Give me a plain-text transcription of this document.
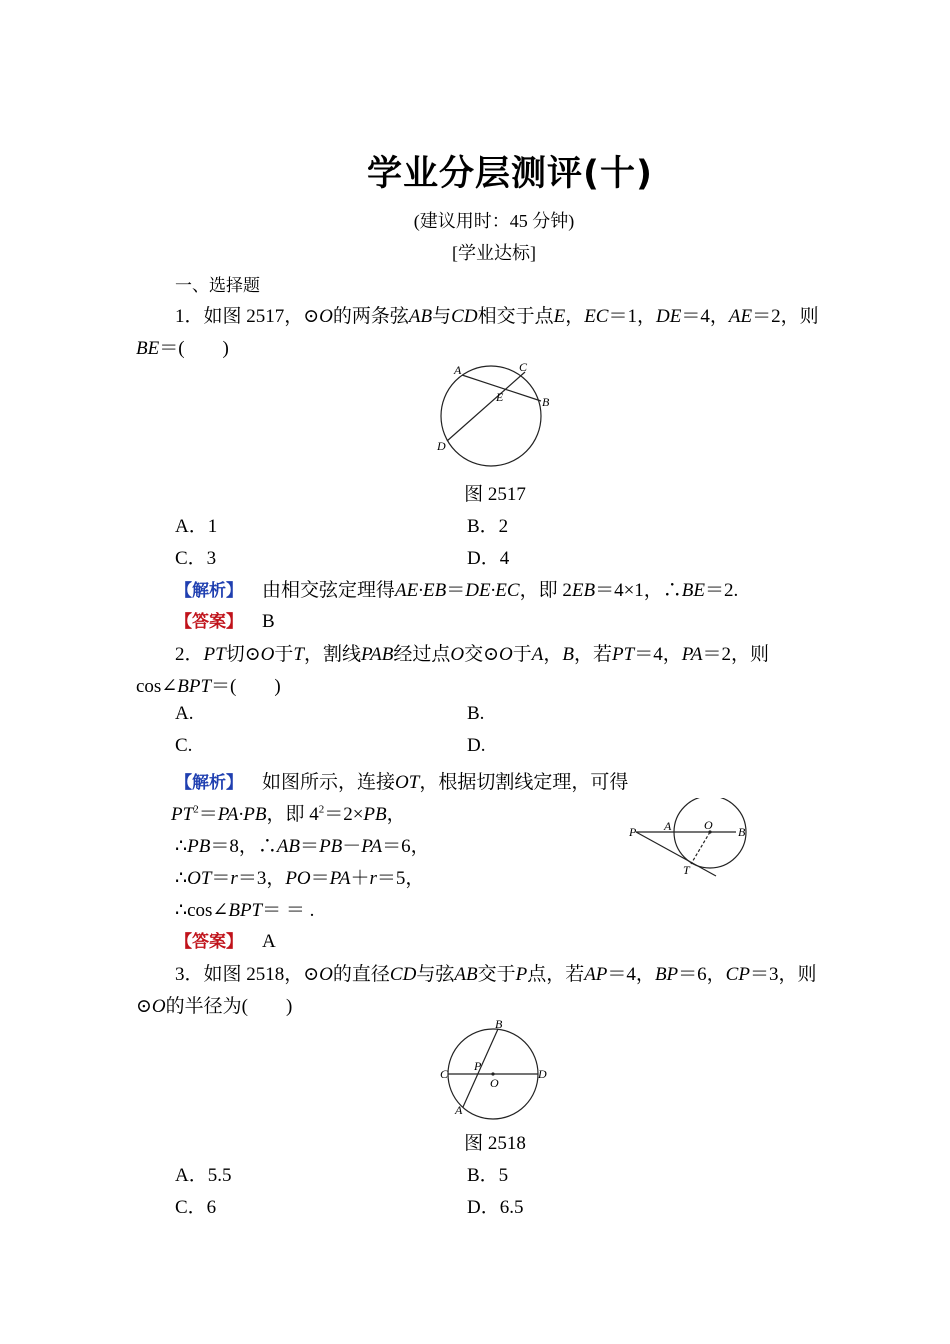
学业分层测评(十)
(建议用时：45 分钟)
[学业达标]
一、选择题
1．如图 2517，⊙O的两条弦AB与CD相交于点E，EC＝1，DE＝4，AE＝2，则
BE＝(　　)
A	C
E	B
D
图 2517
A．1	B．2
C．3	D．4
【解析】  由相交弦定理得AE·EB＝DE·EC，即 2EB＝4×1，∴BE＝2.
【答案】  B
2．PT切⊙O于T，割线PAB经过点O交⊙O于A，B，若PT＝4，PA＝2，则
cos∠BPT＝(　　)
A.	B.
C.	D.
【解析】  如图所示，连接OT，根据切割线定理，可得
$PT^2=PA\cdot PB$，即 $4^2=2\times PB$，
∴PB＝8，∴AB＝PB－PA＝6，
∴OT＝r＝3，PO＝PA＋r＝5，
∴cos∠BPT＝ ＝ .
P A	O B
T
【答案】  A
3．如图 2518，⊙O的直径CD与弦AB交于P点，若AP＝4，BP＝6，CP＝3，则
⊙O的半径为(　　)
B
C
P
O
D
A
图 2518
A．5.5	B．5
C．6	D．6.5
